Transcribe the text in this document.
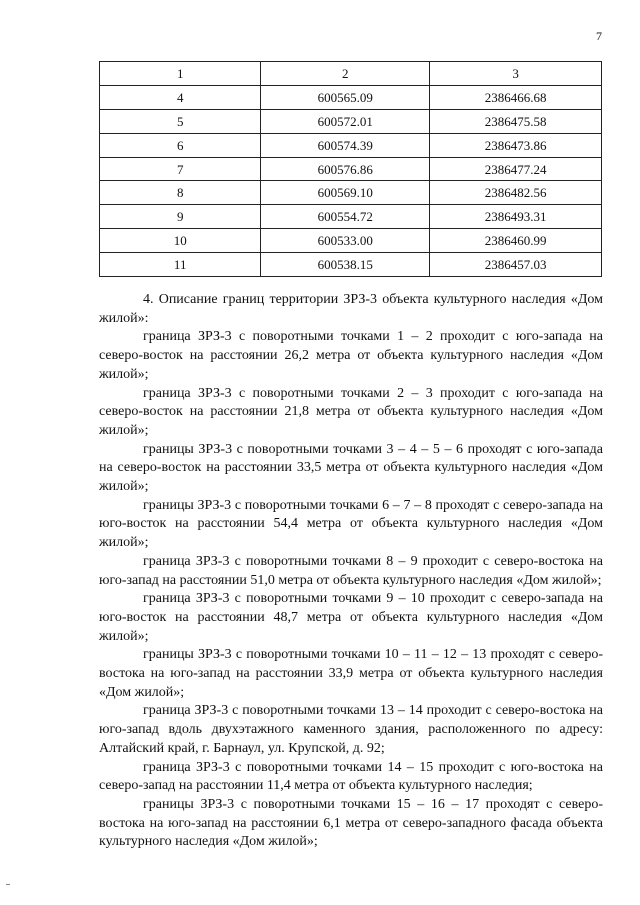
7
1	2	3
4	600565.09	2386466.68
5	600572.01	2386475.58
6	600574.39	2386473.86
7	600576.86	2386477.24
8	600569.10	2386482.56
9	600554.72	2386493.31
10	600533.00	2386460.99
11	600538.15	2386457.03

4. Описание границ территории ЗРЗ-3 объекта культурного наследия «Дом жилой»:

граница ЗРЗ-3 с поворотными точками 1 – 2 проходит с юго-запада на северо-восток на расстоянии 26,2 метра от объекта культурного наследия «Дом жилой»;

граница ЗРЗ-3 с поворотными точками 2 – 3 проходит с юго-запада на северо-восток на расстоянии 21,8 метра от объекта культурного наследия «Дом жилой»;

границы ЗРЗ-3 с поворотными точками 3 – 4 – 5 – 6 проходят с юго-запада на северо-восток на расстоянии 33,5 метра от объекта культурного наследия «Дом жилой»;

границы ЗРЗ-3 с поворотными точками 6 – 7 – 8 проходят с северо-запада на юго-восток на расстоянии 54,4 метра от объекта культурного наследия «Дом жилой»;

граница ЗРЗ-3 с поворотными точками 8 – 9 проходит с северо-востока на юго-запад на расстоянии 51,0 метра от объекта культурного наследия «Дом жилой»;

граница ЗРЗ-3 с поворотными точками 9 – 10 проходит с северо-запада на юго-восток на расстоянии 48,7 метра от объекта культурного наследия «Дом жилой»;

границы ЗРЗ-3 с поворотными точками 10 – 11 – 12 – 13 проходят с северо-востока на юго-запад на расстоянии 33,9 метра от объекта культурного наследия «Дом жилой»;

граница ЗРЗ-3 с поворотными точками 13 – 14 проходит с северо-востока на юго-запад вдоль двухэтажного каменного здания, расположенного по адресу: Алтайский край, г. Барнаул, ул. Крупской, д. 92;

граница ЗРЗ-3 с поворотными точками 14 – 15 проходит с юго-востока на северо-запад на расстоянии 11,4 метра от объекта культурного наследия;

границы ЗРЗ-3 с поворотными точками 15 – 16 – 17 проходят с северо-востока на юго-запад на расстоянии 6,1 метра от северо-западного фасада объекта культурного наследия «Дом жилой»;
